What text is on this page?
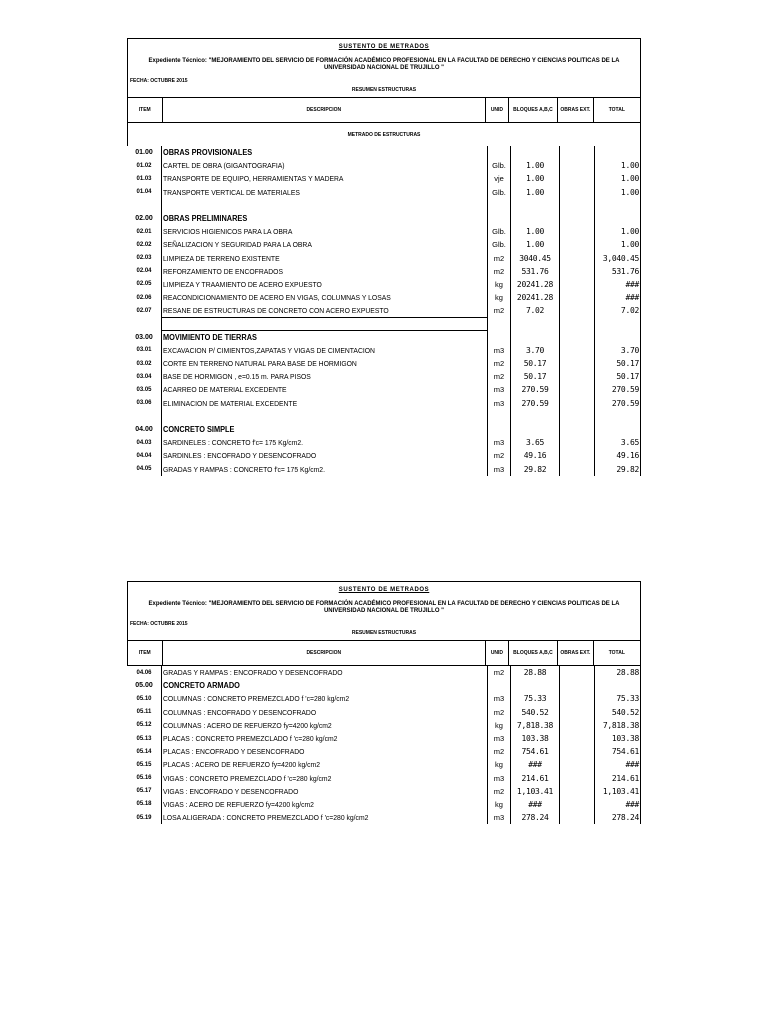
SUSTENTO DE METRADOS
Expediente Técnico: "MEJORAMIENTO DEL SERVICIO DE FORMACIÓN ACADÉMICO PROFESIONAL EN LA FACULTAD DE DERECHO Y CIENCIAS POLITICAS DE LA UNIVERSIDAD NACIONAL DE TRUJILLO "
FECHA: OCTUBRE 2015
RESUMEN ESTRUCTURAS
ITEM	DESCRIPCION	UNID	BLOQUES A,B,C	OBRAS EXT.	TOTAL
METRADO DE ESTRUCTURAS
01.00 OBRAS PROVISIONALES
01.02 CARTEL DE OBRA (GIGANTOGRAFIA)	Glb.	1.00	1.00
01.03 TRANSPORTE DE EQUIPO, HERRAMIENTAS Y MADERA	vje	1.00	1.00
01.04 TRANSPORTE VERTICAL DE MATERIALES	Glb.	1.00	1.00
02.00 OBRAS PRELIMINARES
02.01 SERVICIOS HIGIENICOS PARA LA OBRA	Glb.	1.00	1.00
02.02 SEÑALIZACION Y SEGURIDAD PARA LA OBRA	Glb.	1.00	1.00
02.03 LIMPIEZA DE TERRENO EXISTENTE	m2 3040.45	3,040.45
02.04 REFORZAMIENTO DE ENCOFRADOS	m2 531.76	531.76
02.05 LIMPIEZA Y TRAAMIENTO DE ACERO EXPUESTO	kg 20241.28	###
02.06 REACONDICIONAMIENTO DE ACERO EN VIGAS, COLUMNAS Y LOSAS	kg 20241.28	###
02.07 RESANE DE ESTRUCTURAS DE CONCRETO CON ACERO EXPUESTO	m2	7.02	7.02
03.00 MOVIMIENTO DE TIERRAS
03.01 EXCAVACION P/ CIMIENTOS,ZAPATAS Y VIGAS DE CIMENTACION	m3	3.70	3.70
03.02 CORTE EN TERRENO NATURAL PARA BASE DE HORMIGON	m2 50.17	50.17
03.04 BASE DE HORMIGON , e=0.15 m. PARA PISOS	m2 50.17	50.17
03.05 ACARREO DE MATERIAL EXCEDENTE	m3 270.59	270.59
03.06 ELIMINACION DE MATERIAL EXCEDENTE	m3 270.59	270.59
04.00 CONCRETO SIMPLE
04.03 SARDINELES : CONCRETO f'c= 175 Kg/cm2.	m3	3.65	3.65
04.04 SARDINLES : ENCOFRADO Y DESENCOFRADO	m2 49.16	49.16
04.05 GRADAS Y RAMPAS : CONCRETO f'c= 175 Kg/cm2.	m3 29.82	29.82
SUSTENTO DE METRADOS
Expediente Técnico: "MEJORAMIENTO DEL SERVICIO DE FORMACIÓN ACADÉMICO PROFESIONAL EN LA FACULTAD DE DERECHO Y CIENCIAS POLITICAS DE LA UNIVERSIDAD NACIONAL DE TRUJILLO "
FECHA: OCTUBRE 2015
RESUMEN ESTRUCTURAS
ITEM	DESCRIPCION	UNID	BLOQUES A,B,C	OBRAS EXT.	TOTAL
04.06 GRADAS Y RAMPAS : ENCOFRADO Y DESENCOFRADO	m2 28.88	28.88
05.00 CONCRETO ARMADO
05.10 COLUMNAS : CONCRETO PREMEZCLADO f 'c=280 kg/cm2	m3 75.33	75.33
05.11 COLUMNAS : ENCOFRADO Y DESENCOFRADO	m2 540.52	540.52
05.12 COLUMNAS : ACERO DE REFUERZO fy=4200 kg/cm2	kg 7,818.38	7,818.38
05.13 PLACAS : CONCRETO PREMEZCLADO f 'c=280 kg/cm2	m3 103.38	103.38
05.14 PLACAS : ENCOFRADO Y DESENCOFRADO	m2 754.61	754.61
05.15 PLACAS : ACERO DE REFUERZO fy=4200 kg/cm2	kg	###	###
05.16 VIGAS : CONCRETO PREMEZCLADO f 'c=280 kg/cm2	m3 214.61	214.61
05.17 VIGAS : ENCOFRADO Y DESENCOFRADO	m2 1,103.41	1,103.41
05.18 VIGAS : ACERO DE REFUERZO fy=4200 kg/cm2	kg	###	###
05.19 LOSA ALIGERADA : CONCRETO PREMEZCLADO f 'c=280 kg/cm2	m3 278.24	278.24
